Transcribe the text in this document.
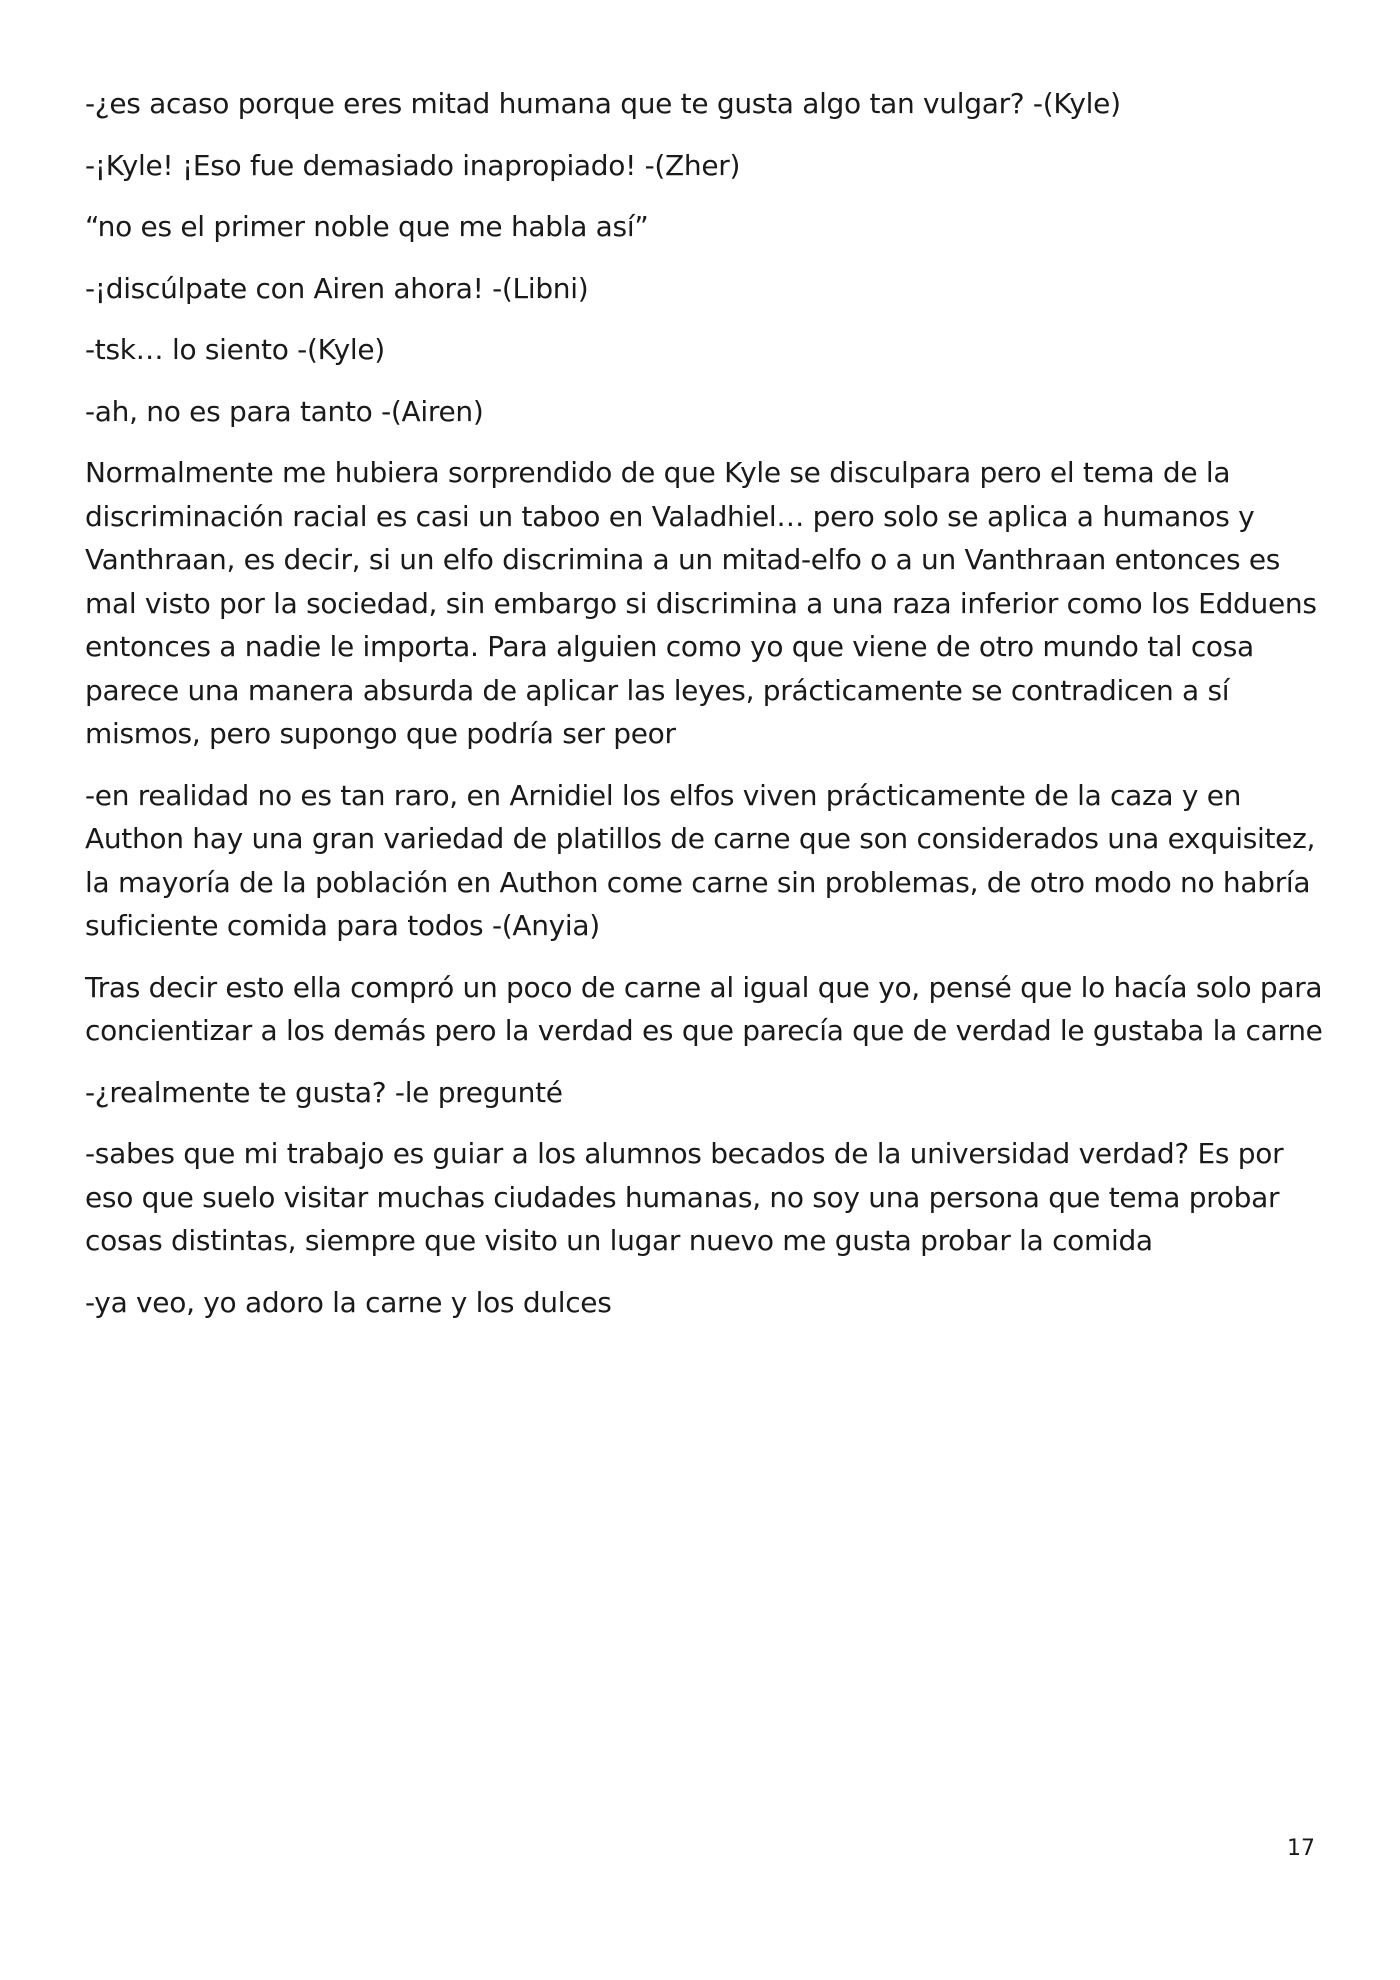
-¿es acaso porque eres mitad humana que te gusta algo tan vulgar? -(Kyle)

-¡Kyle! ¡Eso fue demasiado inapropiado! -(Zher)

“no es el primer noble que me habla así”

-¡discúlpate con Airen ahora! -(Libni)

-tsk… lo siento -(Kyle)

-ah, no es para tanto -(Airen)

Normalmente me hubiera sorprendido de que Kyle se disculpara pero el tema de la discriminación racial es casi un taboo en Valadhiel… pero solo se aplica a humanos y Vanthraan, es decir, si un elfo discrimina a un mitad-elfo o a un Vanthraan entonces es mal visto por la sociedad, sin embargo si discrimina a una raza inferior como los Edduens entonces a nadie le importa. Para alguien como yo que viene de otro mundo tal cosa parece una manera absurda de aplicar las leyes, prácticamente se contradicen a sí mismos, pero supongo que podría ser peor

-en realidad no es tan raro, en Arnidiel los elfos viven prácticamente de la caza y en Authon hay una gran variedad de platillos de carne que son considerados una exquisitez, la mayoría de la población en Authon come carne sin problemas, de otro modo no habría suficiente comida para todos -(Anyia)

Tras decir esto ella compró un poco de carne al igual que yo, pensé que lo hacía solo para concientizar a los demás pero la verdad es que parecía que de verdad le gustaba la carne

-¿realmente te gusta? -le pregunté

-sabes que mi trabajo es guiar a los alumnos becados de la universidad verdad? Es por eso que suelo visitar muchas ciudades humanas, no soy una persona que tema probar cosas distintas, siempre que visito un lugar nuevo me gusta probar la comida

-ya veo, yo adoro la carne y los dulces

17
